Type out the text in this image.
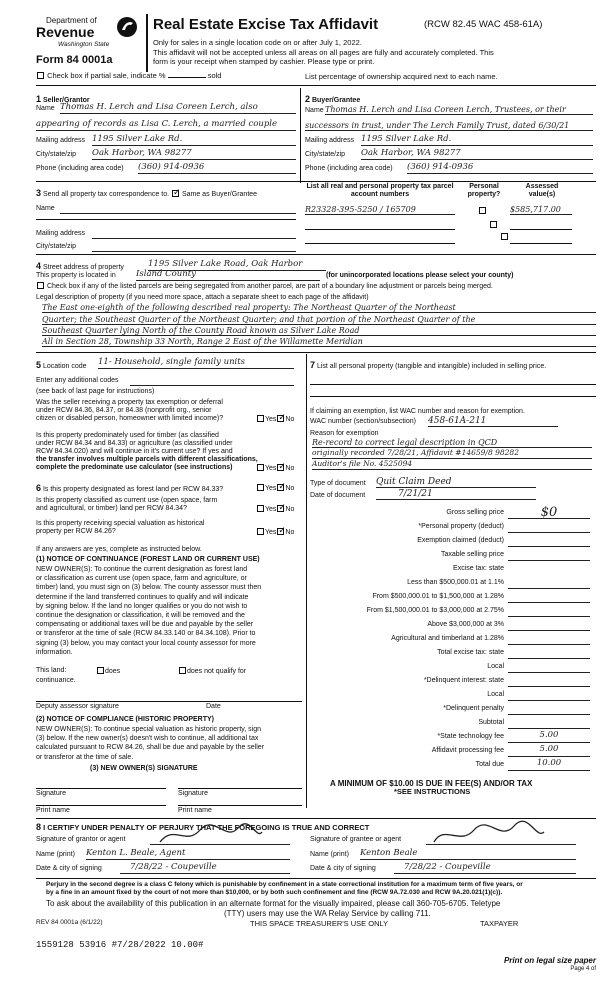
Department of
Revenue
Washington State
Form 84 0001a
Real Estate Excise Tax Affidavit	(RCW 82.45 WAC 458-61A)
Only for sales in a single location code on or after July 1, 2022.
This affidavit will not be accepted unless all areas on all pages are fully and accurately completed. This
form is your receipt when stamped by cashier. Please type or print.
Check box if partial sale, indicate %	sold	List percentage of ownership acquired next to each name.
1 Seller/Grantor
Name Thomas H. Lerch and Lisa Coreen Lerch, also
appearing of records as Lisa C. Lerch, a married couple
Mailing address 1195 Silver Lake Rd.
City/state/zip Oak Harbor, WA 98277
Phone (including area code) (360) 914-0936
2 Buyer/Grantee
Name Thomas H. Lerch and Lisa Coreen Lerch, Trustees, or their
successors in trust, under The Lerch Family Trust, dated 6/30/21
Mailing address 1195 Silver Lake Rd.
City/state/zip Oak Harbor, WA 98277
Phone (including area code) (360) 914-0936
3 Send all property tax correspondence to. ✓ Same as Buyer/Grantee
Name
Mailing address
City/state/zip
List all real and personal property tax parcel account numbers
Personal property?
Assessed value(s)
R23328-395-5250 / 165709	$585,717.00

4 Street address of property	1195 Silver Lake Road, Oak Harbor
This property is located in Island County	(for unincorporated locations please select your county)
Check box if any of the listed parcels are being segregated from another parcel, are part of a boundary line adjustment or parcels being merged.
Legal description of property (if you need more space, attach a separate sheet to each page of the affidavit)
The East one-eighth of the following described real property: The Northeast Quarter of the Northeast
Quarter; the Southeast Quarter of the Northeast Quarter; and that portion of the Northeast Quarter of the
Southeast Quarter lying North of the County Road known as Silver Lake Road
All in Section 28, Township 33 North, Range 2 East of the Willamette Meridian
5 Location code 11- Household, single family units
Enter any additional codes
(see back of last page for instructions)
Was the seller receiving a property tax exemption or deferral
under RCW 84.36, 84.37, or 84.38 (nonprofit org., senior
citizen or disabled person, homeowner with limited income)?	Yes ✓ No
Is this property predominately used for timber (as classified
under RCW 84.34 and 84.33) or agriculture (as classified under
RCW 84.34.020) and will continue in it's current use? If yes and
the transfer involves multiple parcels with different classifications,
complete the predominate use calculator (see instructions)	Yes ✓ No
6 Is this property designated as forest land per RCW 84.33?	Yes ✓ No
Is this property classified as current use (open space, farm
and agricultural, or timber) land per RCW 84.34?	Yes ✓ No
Is this property receiving special valuation as historical
property per RCW 84.26?	Yes ✓ No
If any answers are yes, complete as instructed below.
(1) NOTICE OF CONTINUANCE (FOREST LAND OR CURRENT USE)
NEW OWNER(S): To continue the current designation as forest land
or classification as current use (open space, farm and agriculture, or
timber) land, you must sign on (3) below. The county assessor must then
determine if the land transferred continues to qualify and will indicate
by signing below. If the land no longer qualifies or you do not wish to
continue the designation or classification, it will be removed and the
compensating or additional taxes will be due and payable by the seller
or transferor at the time of sale (RCW 84.33.140 or 84.34.108). Prior to
signing (3) below, you may contact your local county assessor for more
information.
This land:	does	does not qualify for
continuance.
Deputy assessor signature	Date
(2) NOTICE OF COMPLIANCE (HISTORIC PROPERTY)
NEW OWNER(S): To continue special valuation as historic property, sign
(3) below. If the new owner(s) doesn't wish to continue, all additional tax
calculated pursuant to RCW 84.26, shall be due and payable by the seller
or transferor at the time of sale.
(3) NEW OWNER(S) SIGNATURE
Signature	Signature
Print name	Print name
7 List all personal property (tangible and intangible) included in selling price.
If claiming an exemption, list WAC number and reason for exemption.
WAC number (section/subsection) 458-61A-211
Reason for exemption
Re-record to correct legal description in QCD
originally recorded 7/28/21, Affidavit #14659/8 98282
Auditor's file No. 4525094
Type of document Quit Claim Deed
Date of document	7/21/21
Gross selling price	$0
*Personal property (deduct)
Exemption claimed (deduct)
Taxable selling price
Excise tax: state
Less than $500,000.01 at 1.1%
From $500,000.01 to $1,500,000 at 1.28%
From $1,500,000.01 to $3,000,000 at 2.75%
Above $3,000,000 at 3%
Agricultural and timberland at 1.28%
Total excise tax: state
Local
*Delinquent interest: state
Local
*Delinquent penalty
Subtotal
*State technology fee	5.00
Affidavit processing fee	5.00
Total due	10.00
A MINIMUM OF $10.00 IS DUE IN FEE(S) AND/OR TAX
*SEE INSTRUCTIONS
8 I CERTIFY UNDER PENALTY OF PERJURY THAT THE FOREGOING IS TRUE AND CORRECT
Signature of grantor or agent
Name (print) Kenton L. Beale, Agent
Date & city of signing	7/28/22 - Coupeville
Signature of grantee or agent
Name (print) Kenton Beale
Date & city of signing	7/28/22 - Coupeville
Perjury in the second degree is a class C felony which is punishable by confinement in a state correctional institution for a maximum term of five years, or
by a fine in an amount fixed by the court of not more than $10,000, or by both such confinement and fine (RCW 9A.72.030 and RCW 9A.20.021(1)(c)).
To ask about the availability of this publication in an alternate format for the visually impaired, please call 360-705-6705. Teletype
(TTY) users may use the WA Relay Service by calling 711.
REV 84 0001a (6/1/22)	THIS SPACE TREASURER'S USE ONLY	TAXPAYER
1559128 53916 #7/28/2022 10.00#
Print on legal size paper
Page 4 of
